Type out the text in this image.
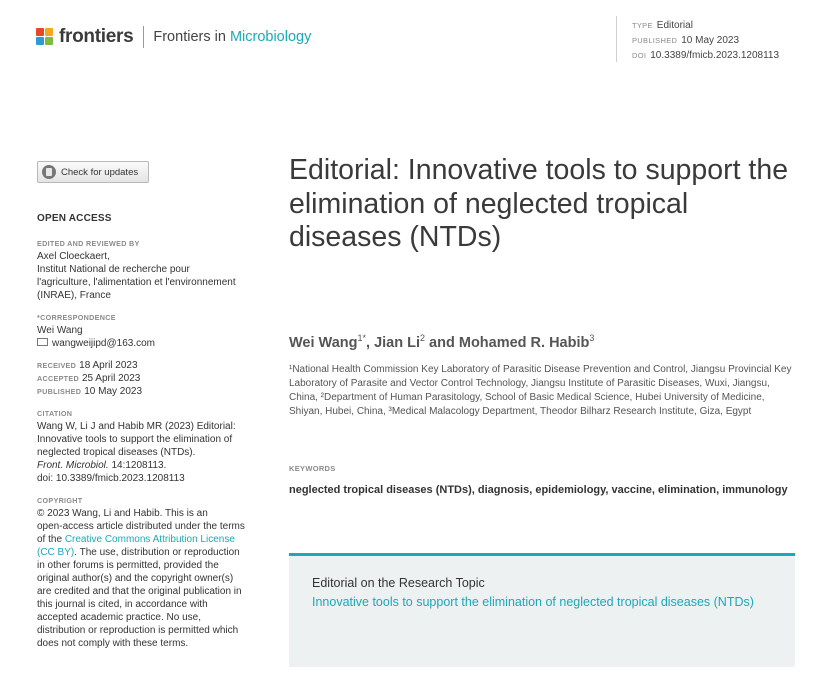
frontiers Frontiers in Microbiology
TYPE Editorial
PUBLISHED 10 May 2023
DOI 10.3389/fmicb.2023.1208113
Check for updates
OPEN ACCESS
EDITED AND REVIEWED BY
Axel Cloeckaert,
Institut National de recherche pour
l'agriculture, l'alimentation et l'environnement
(INRAE), France
*CORRESPONDENCE
Wei Wang
wangweijipd@163.com
RECEIVED 18 April 2023
ACCEPTED 25 April 2023
PUBLISHED 10 May 2023
CITATION
Wang W, Li J and Habib MR (2023) Editorial:
Innovative tools to support the elimination of
neglected tropical diseases (NTDs).
Front. Microbiol. 14:1208113.
doi: 10.3389/fmicb.2023.1208113
COPYRIGHT
© 2023 Wang, Li and Habib. This is an
open-access article distributed under the terms
of the Creative Commons Attribution License
(CC BY). The use, distribution or reproduction
in other forums is permitted, provided the
original author(s) and the copyright owner(s)
are credited and that the original publication in
this journal is cited, in accordance with
accepted academic practice. No use,
distribution or reproduction is permitted which
does not comply with these terms.
Editorial: Innovative tools to support the elimination of neglected tropical diseases (NTDs)
Wei Wang$^{1*}$, Jian Li$^2$ and Mohamed R. Habib$^3$
¹National Health Commission Key Laboratory of Parasitic Disease Prevention and Control, Jiangsu Provincial Key Laboratory of Parasite and Vector Control Technology, Jiangsu Institute of Parasitic Diseases, Wuxi, Jiangsu, China, ²Department of Human Parasitology, School of Basic Medical Science, Hubei University of Medicine, Shiyan, Hubei, China, ³Medical Malacology Department, Theodor Bilharz Research Institute, Giza, Egypt
KEYWORDS
neglected tropical diseases (NTDs), diagnosis, epidemiology, vaccine, elimination, immunology
Editorial on the Research Topic
Innovative tools to support the elimination of neglected tropical diseases (NTDs)
